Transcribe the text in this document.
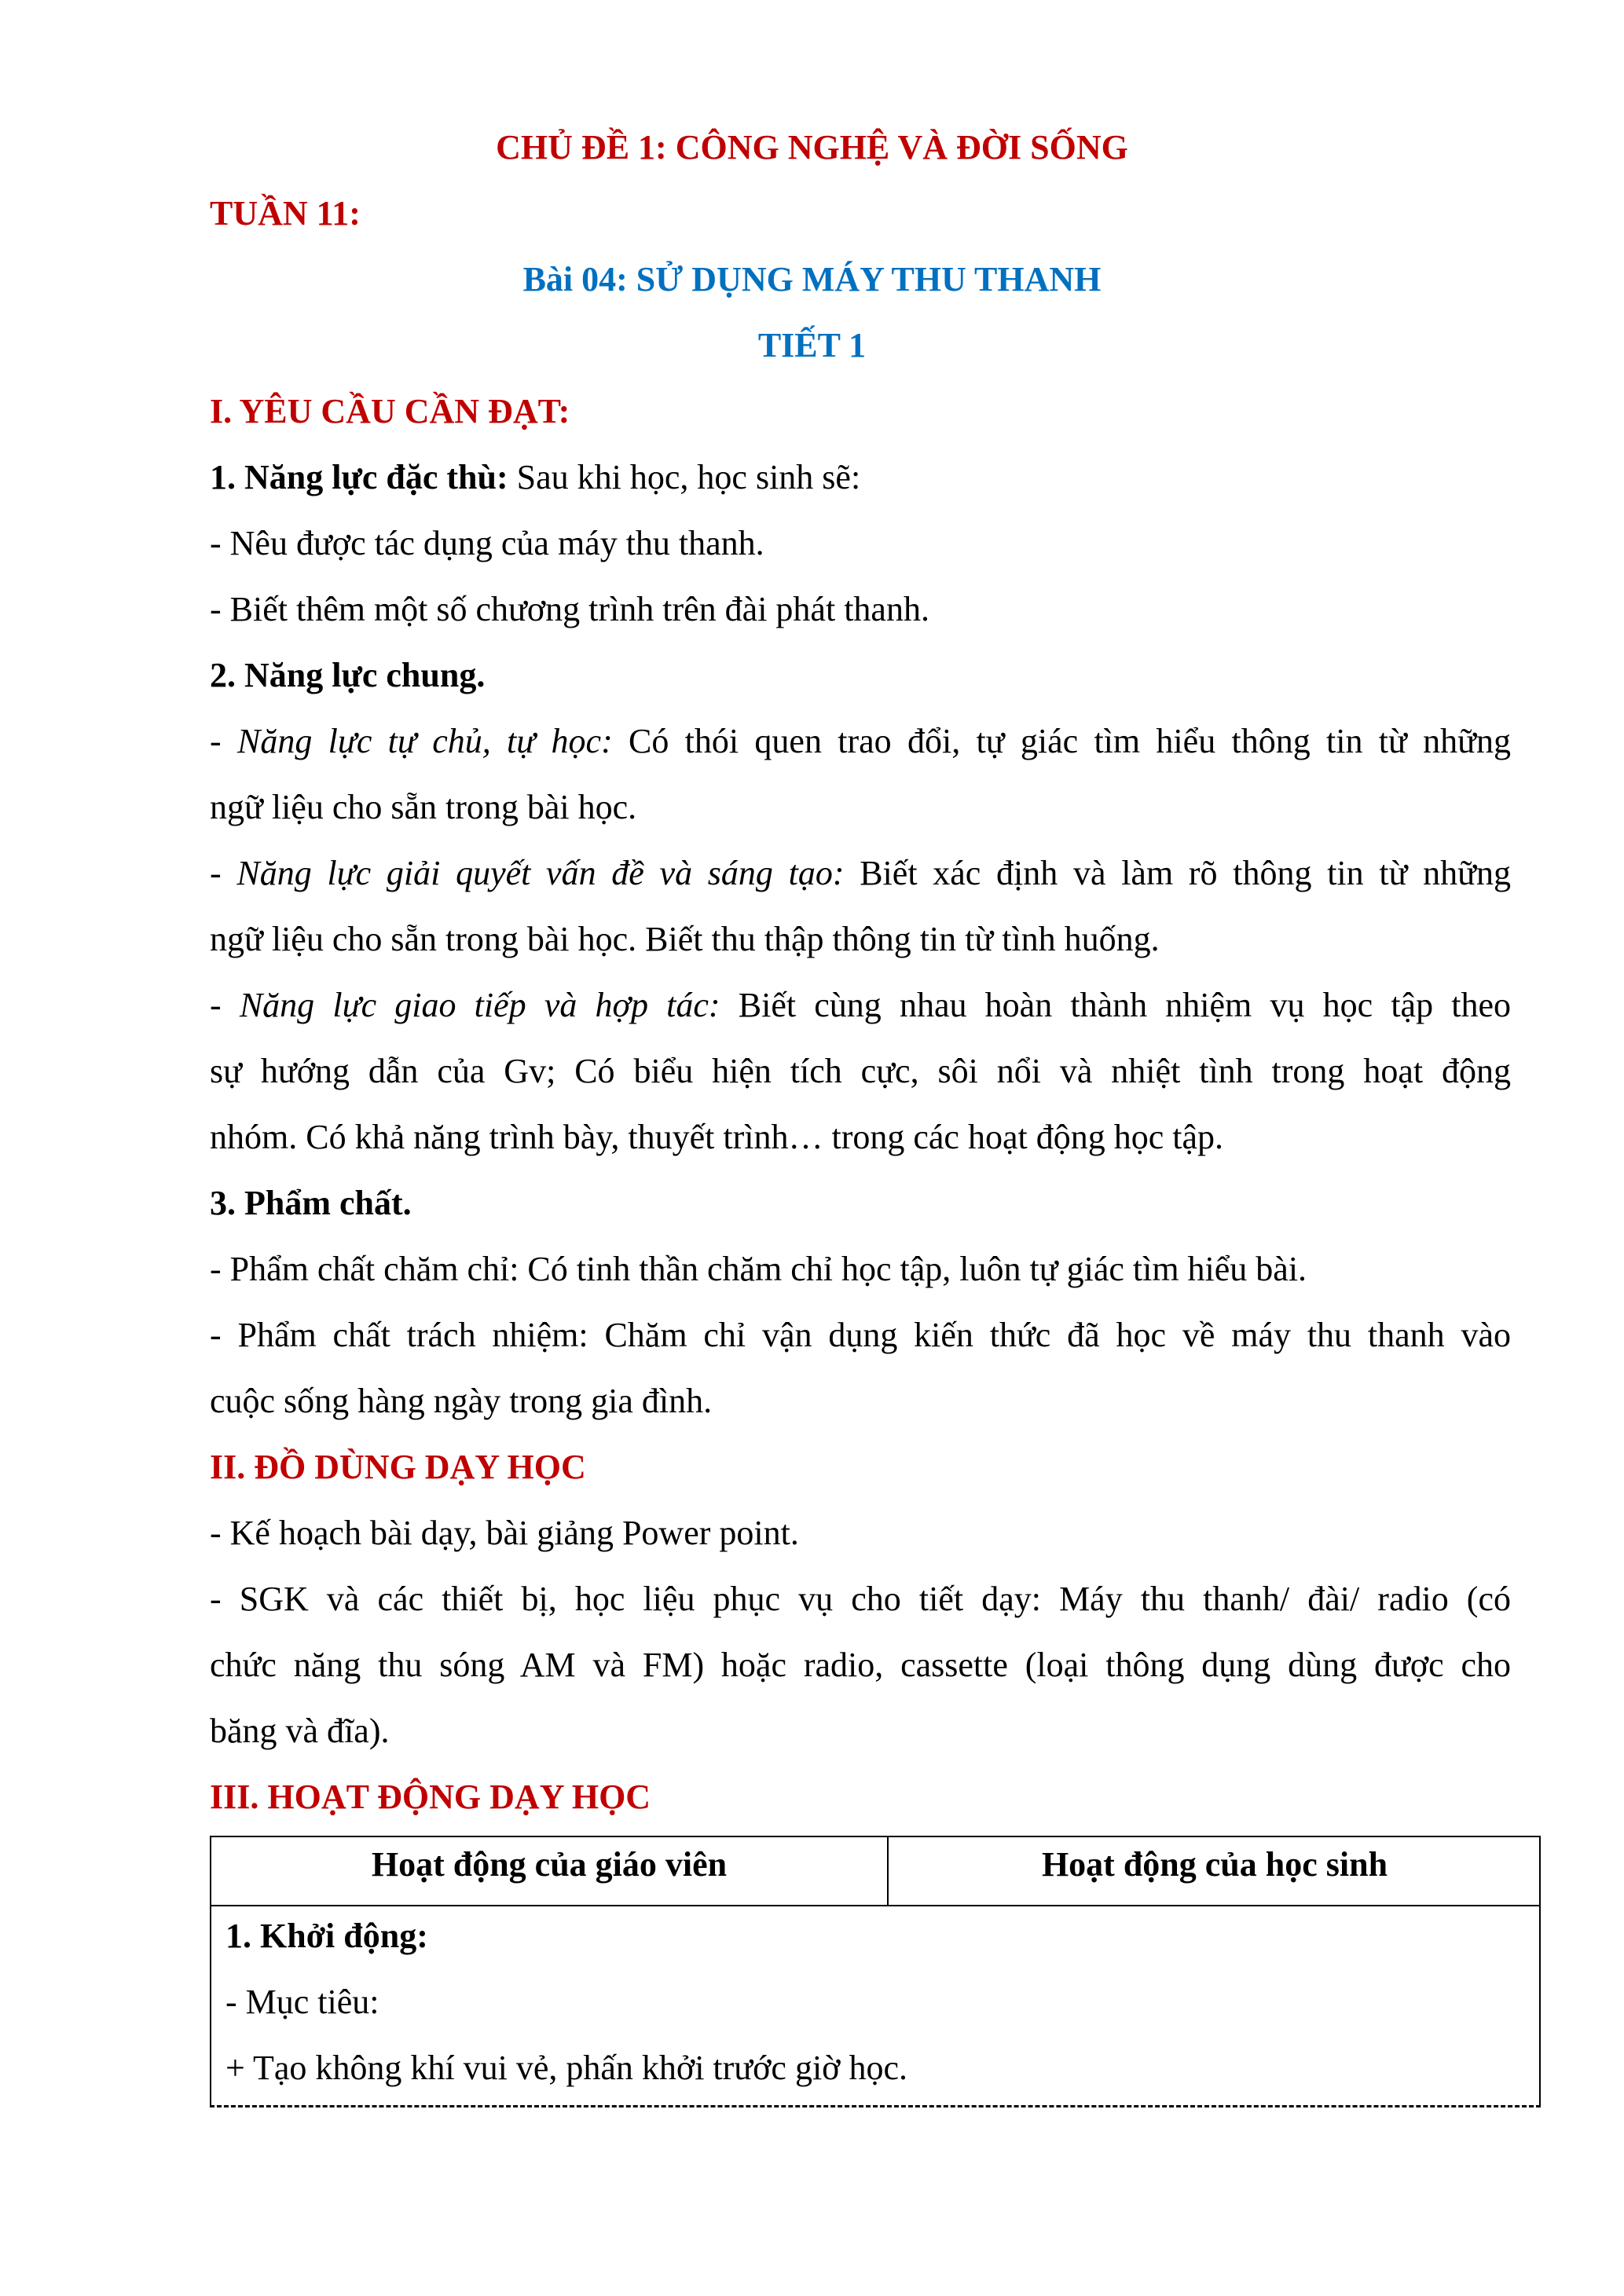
CHỦ ĐỀ 1: CÔNG NGHỆ VÀ ĐỜI SỐNG
TUẦN 11:
Bài 04: SỬ DỤNG MÁY THU THANH
TIẾT 1
I. YÊU CẦU CẦN ĐẠT:
1. Năng lực đặc thù: Sau khi học, học sinh sẽ:
- Nêu được tác dụng của máy thu thanh.
- Biết thêm một số chương trình trên đài phát thanh.
2. Năng lực chung.
- Năng lực tự chủ, tự học: Có thói quen trao đổi, tự giác tìm hiểu thông tin từ những
ngữ liệu cho sẵn trong bài học.
- Năng lực giải quyết vấn đề và sáng tạo: Biết xác định và làm rõ thông tin từ những
ngữ liệu cho sẵn trong bài học. Biết thu thập thông tin từ tình huống.
- Năng lực giao tiếp và hợp tác: Biết cùng nhau hoàn thành nhiệm vụ học tập theo
sự hướng dẫn của Gv; Có biểu hiện tích cực, sôi nổi và nhiệt tình trong hoạt động
nhóm. Có khả năng trình bày, thuyết trình… trong các hoạt động học tập.
3. Phẩm chất.
- Phẩm chất chăm chỉ: Có tinh thần chăm chỉ học tập, luôn tự giác tìm hiểu bài.
- Phẩm chất trách nhiệm: Chăm chỉ vận dụng kiến thức đã học về máy thu thanh vào
cuộc sống hàng ngày trong gia đình.
II. ĐỒ DÙNG DẠY HỌC
- Kế hoạch bài dạy, bài giảng Power point.
- SGK và các thiết bị, học liệu phục vụ cho tiết dạy: Máy thu thanh/ đài/ radio (có
chức năng thu sóng AM và FM) hoặc radio, cassette (loại thông dụng dùng được cho
băng và đĩa).
III. HOẠT ĐỘNG DẠY HỌC
Hoạt động của giáo viên	Hoạt động của học sinh
1. Khởi động:
- Mục tiêu:
+ Tạo không khí vui vẻ, phấn khởi trước giờ học.
